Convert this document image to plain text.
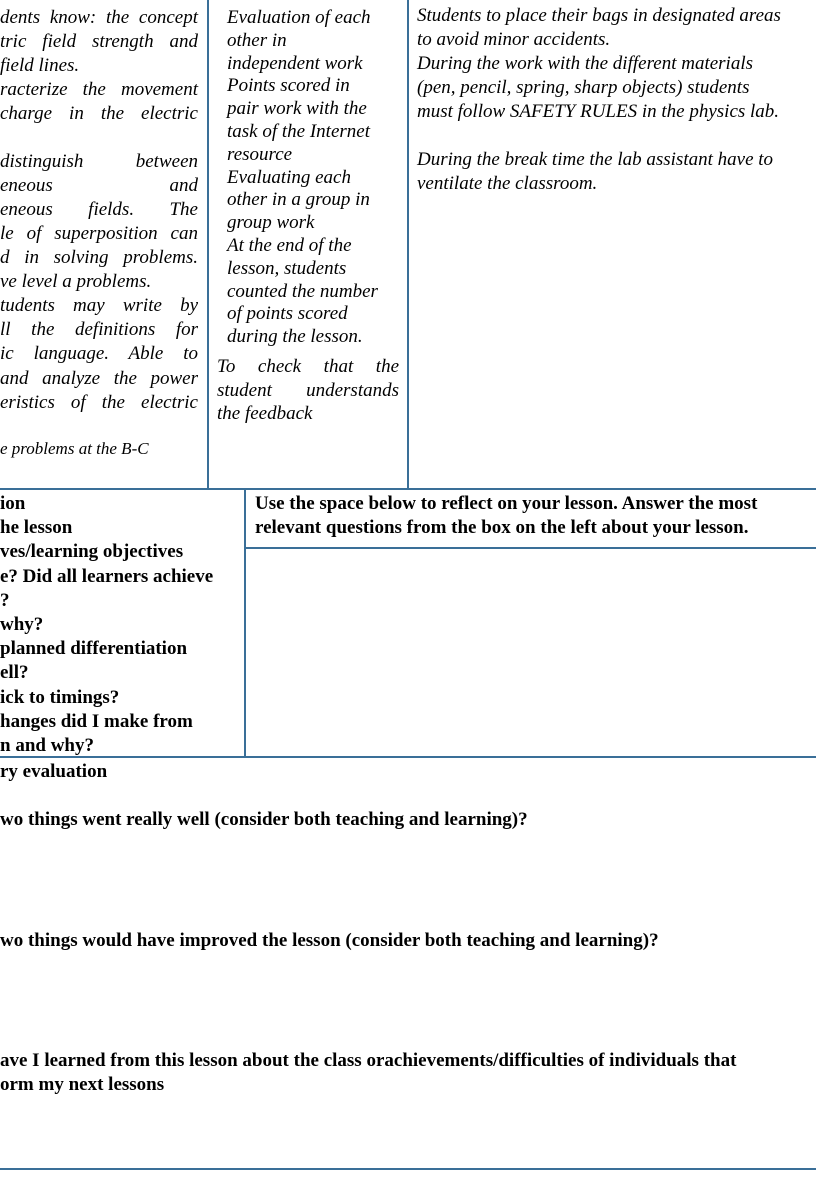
dents know: the concept

tric field strength and

field lines.

racterize the movement

charge in the electric

distinguish between

eneous and

eneous fields. The

le of superposition can

d in solving problems.

ve level a problems.

tudents may write by

ll the definitions for

ic language. Able to

and analyze the power

eristics of the electric

e problems at the B-C

Evaluation of each

other in

independent work

Points scored in

pair work with the

task of the Internet

resource

Evaluating each

other in a group in

group work

At the end of the

lesson, students

counted the number

of points scored

during the lesson.

To check that the

student understands

the feedback

Students to place their bags in designated areas

to avoid minor accidents.

During the work with the different materials

(pen, pencil, spring, sharp objects) students

must follow SAFETY RULES in the physics lab.

During the break time the lab assistant have to

ventilate the classroom.

ion

he lesson

ves/learning objectives

e? Did all learners achieve

?

why?

planned differentiation

ell?

ick to timings?

hanges did I make from

n and why?

Use the space below to reflect on your lesson. Answer the most

relevant questions from the box on the left about your lesson.

ry evaluation

wo things went really well (consider both teaching and learning)?

wo things would have improved the lesson (consider both teaching and learning)?

ave I learned from this lesson about the class orachievements/difficulties of individuals that

orm my next lessons
